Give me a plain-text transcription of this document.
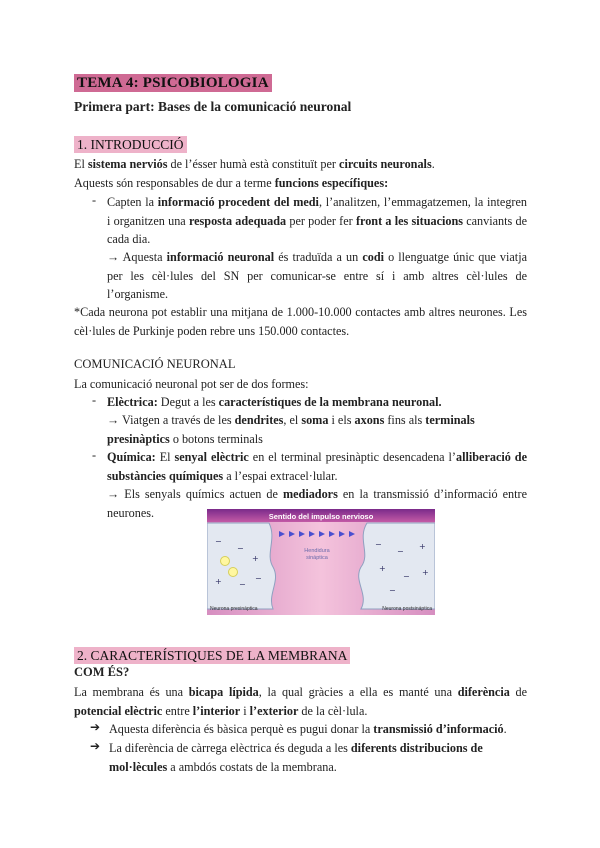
TEMA 4: PSICOBIOLOGIA
Primera part: Bases de la comunicació neuronal
1. INTRODUCCIÓ
El sistema nerviós de l’ésser humà està constituït per circuits neuronals.
Aquests són responsables de dur a terme funcions específiques:
- Capten la informació procedent del medi, l’analitzen, l’emmagatzemen, la integren i organitzen una resposta adequada per poder fer front a les situacions canviants de cada dia.
→ Aquesta informació neuronal és traduïda a un codi o llenguatge únic que viatja per les cèl·lules del SN per comunicar-se entre sí i amb altres cèl·lules de l’organisme.
*Cada neurona pot establir una mitjana de 1.000-10.000 contactes amb altres neurones. Les cèl·lules de Purkinje poden rebre uns 150.000 contactes.
COMUNICACIÓ NEURONAL
La comunicació neuronal pot ser de dos formes:
- Elèctrica: Degut a les característiques de la membrana neuronal.
→ Viatgen a través de les dendrites, el soma i els axons fins als terminals presinàptics o botons terminals
- Química: El senyal elèctric en el terminal presinàptic desencadena l’alliberació de substàncies químiques a l’espai extracel·lular.
→ Els senyals químics actuen de mediadors en la transmissió d’informació entre neurones.	Sentido del impulso nervioso
Hendidura
sináptica
−
−
+
+ −
−
−
−
+
+
− +
−
Neurona presináptica	Neurona postsináptica
2. CARACTERÍSTIQUES DE LA MEMBRANA
COM ÉS?
La membrana és una bicapa lípida, la qual gràcies a ella es manté una diferència de potencial elèctric entre l’interior i l’exterior de la cèl·lula.
➔ Aquesta diferència és bàsica perquè es pugui donar la transmissió d’informació.
➔ La diferència de càrrega elèctrica és deguda a les diferents distribucions de mol·lècules a ambdós costats de la membrana.
